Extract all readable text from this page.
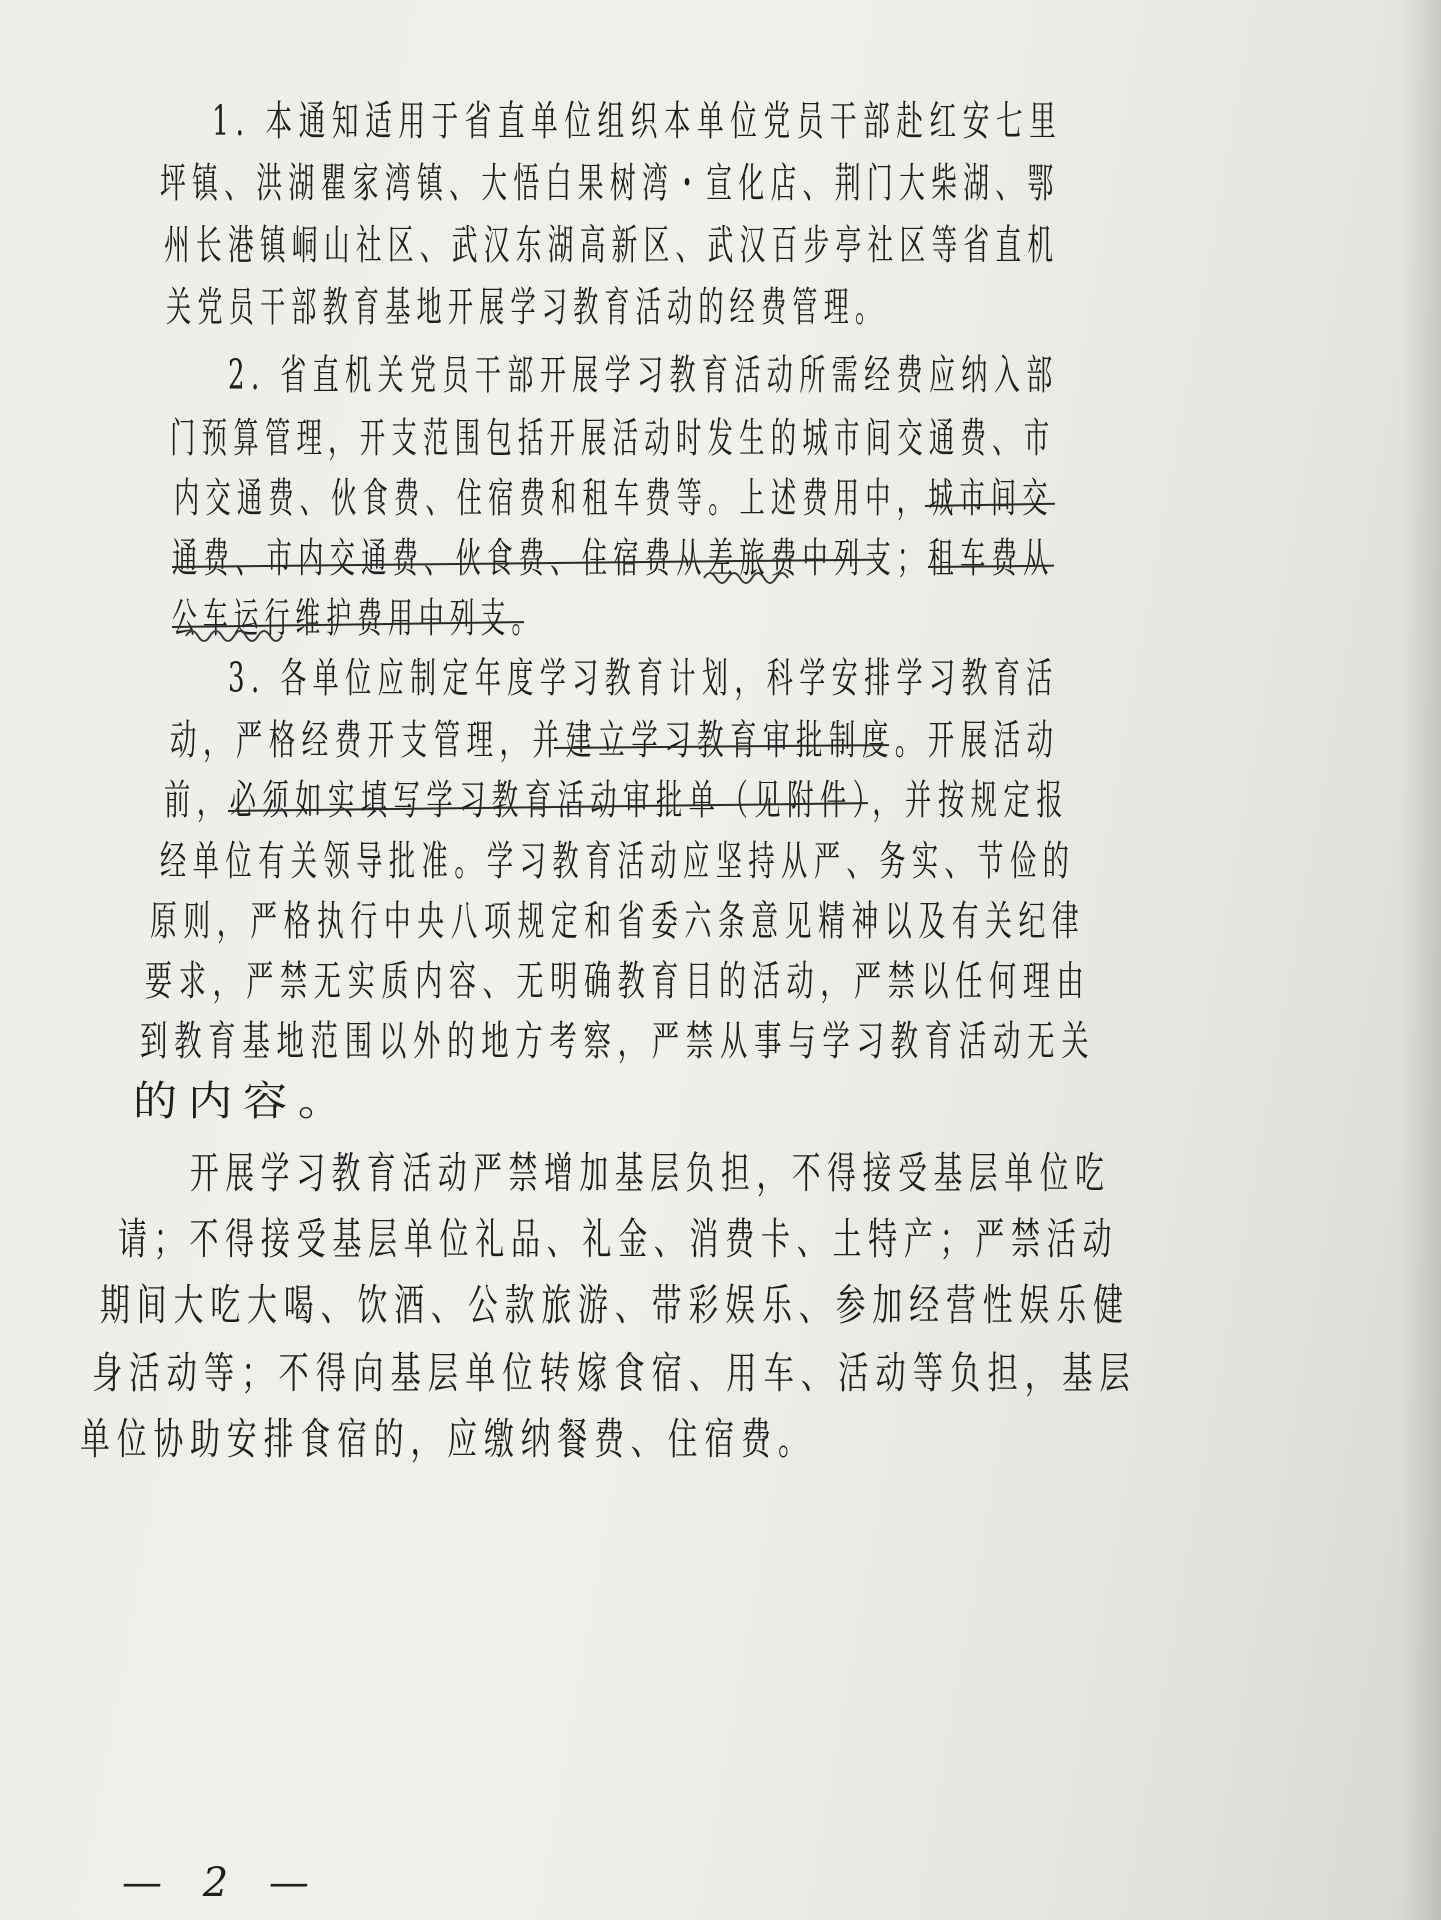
1. 本通知适用于省直单位组织本单位党员干部赴红安七里
坪镇、洪湖瞿家湾镇、大悟白果树湾・宣化店、荆门大柴湖、鄂
州长港镇峒山社区、武汉东湖高新区、武汉百步亭社区等省直机
关党员干部教育基地开展学习教育活动的经费管理。
2. 省直机关党员干部开展学习教育活动所需经费应纳入部
门预算管理，开支范围包括开展活动时发生的城市间交通费、市
内交通费、伙食费、住宿费和租车费等。上述费用中，城市间交
通费、市内交通费、伙食费、住宿费从差旅费中列支；租车费从
公车运行维护费用中列支。
3. 各单位应制定年度学习教育计划，科学安排学习教育活
动，严格经费开支管理，并建立学习教育审批制度。开展活动
前，必须如实填写学习教育活动审批单（见附件），并按规定报
经单位有关领导批准。学习教育活动应坚持从严、务实、节俭的
原则，严格执行中央八项规定和省委六条意见精神以及有关纪律
要求，严禁无实质内容、无明确教育目的活动，严禁以任何理由
到教育基地范围以外的地方考察，严禁从事与学习教育活动无关
的内容。
开展学习教育活动严禁增加基层负担，不得接受基层单位吃
请；不得接受基层单位礼品、礼金、消费卡、土特产；严禁活动
期间大吃大喝、饮酒、公款旅游、带彩娱乐、参加经营性娱乐健
身活动等；不得向基层单位转嫁食宿、用车、活动等负担，基层
单位协助安排食宿的，应缴纳餐费、住宿费。
— 2 —
